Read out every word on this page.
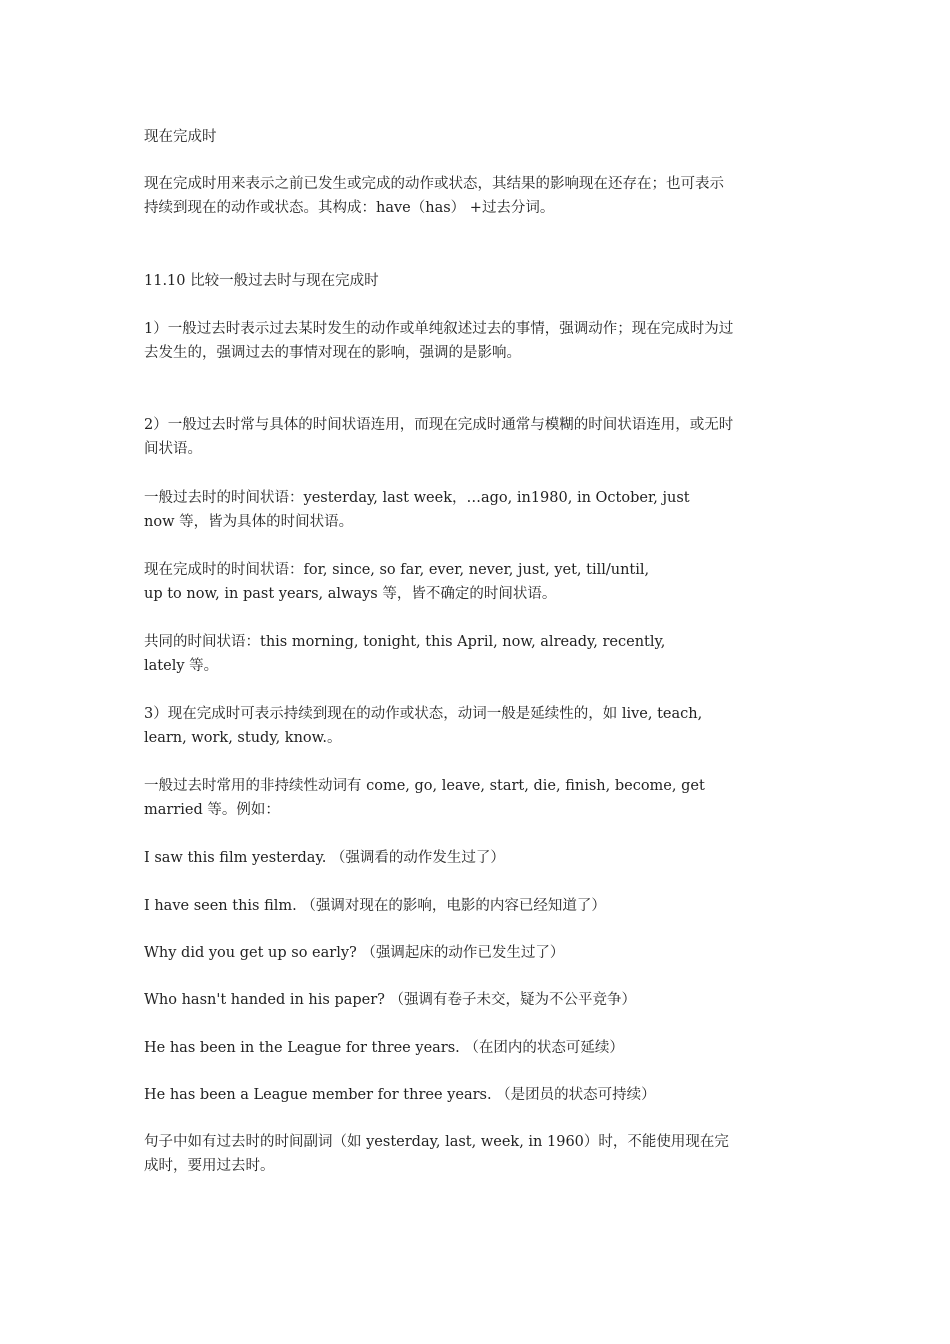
现在完成时

现在完成时用来表示之前已发生或完成的动作或状态，其结果的影响现在还存在；也可表示
持续到现在的动作或状态。其构成：have（has） +过去分词。

11.10 比较一般过去时与现在完成时

1）一般过去时表示过去某时发生的动作或单纯叙述过去的事情，强调动作；现在完成时为过
去发生的，强调过去的事情对现在的影响，强调的是影响。

2）一般过去时常与具体的时间状语连用，而现在完成时通常与模糊的时间状语连用，或无时
间状语。

一般过去时的时间状语：yesterday, last week，…ago, in1980, in October, just
now 等，皆为具体的时间状语。

现在完成时的时间状语：for, since, so far, ever, never, just, yet, till/until,
up to now, in past years, always 等，皆不确定的时间状语。

共同的时间状语：this morning, tonight, this April, now, already, recently,
lately 等。

3）现在完成时可表示持续到现在的动作或状态，动词一般是延续性的，如 live, teach,
learn, work, study, know.。

一般过去时常用的非持续性动词有 come, go, leave, start, die, finish, become, get
married 等。例如：

I saw this film yesterday. （强调看的动作发生过了）

I have seen this film. （强调对现在的影响，电影的内容已经知道了）

Why did you get up so early? （强调起床的动作已发生过了）

Who hasn't handed in his paper? （强调有卷子未交，疑为不公平竞争）

He has been in the League for three years. （在团内的状态可延续）

He has been a League member for three years. （是团员的状态可持续）

句子中如有过去时的时间副词（如 yesterday, last, week, in 1960）时，不能使用现在完
成时，要用过去时。
